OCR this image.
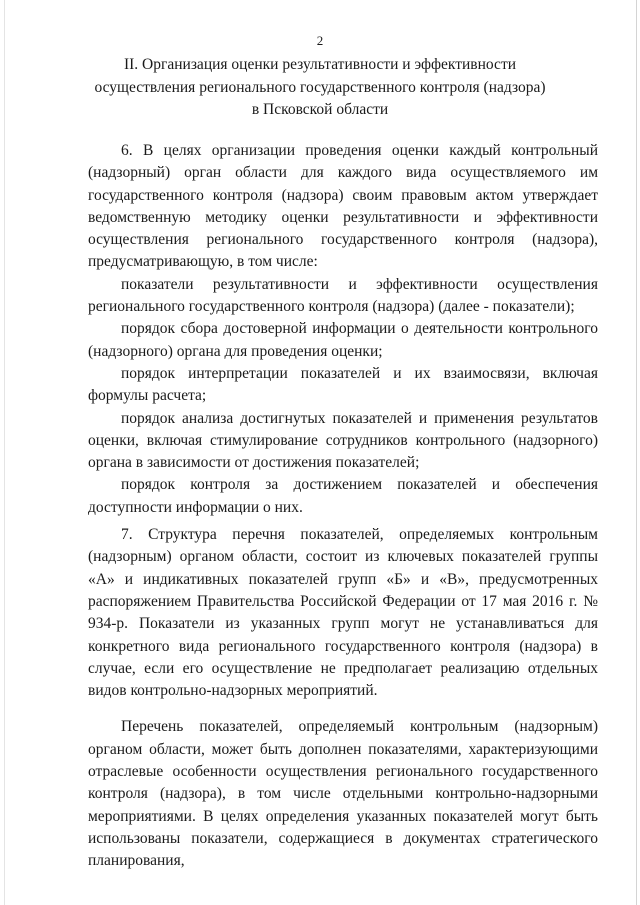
2
II. Организация оценки результативности и эффективности
осуществления регионального государственного контроля (надзора)
в Псковской области

6. В целях организации проведения оценки каждый контрольный (надзорный) орган области для каждого вида осуществляемого им государственного контроля (надзора) своим правовым актом утверждает ведомственную методику оценки результативности и эффективности осуществления регионального государственного контроля (надзора), предусматривающую, в том числе:

показатели результативности и эффективности осуществления регионального государственного контроля (надзора) (далее - показатели);

порядок сбора достоверной информации о деятельности контрольного (надзорного) органа для проведения оценки;

порядок интерпретации показателей и их взаимосвязи, включая формулы расчета;

порядок анализа достигнутых показателей и применения результатов оценки, включая стимулирование сотрудников контрольного (надзорного) органа в зависимости от достижения показателей;

порядок контроля за достижением показателей и обеспечения доступности информации о них.

7. Структура перечня показателей, определяемых контрольным (надзорным) органом области, состоит из ключевых показателей группы «А» и индикативных показателей групп «Б» и «В», предусмотренных распоряжением Правительства Российской Федерации от 17 мая 2016 г. № 934-р. Показатели из указанных групп могут не устанавливаться для конкретного вида регионального государственного контроля (надзора) в случае, если его осуществление не предполагает реализацию отдельных видов контрольно-надзорных мероприятий.

Перечень показателей, определяемый контрольным (надзорным) органом области, может быть дополнен показателями, характеризующими отраслевые особенности осуществления регионального государственного контроля (надзора), в том числе отдельными контрольно-надзорными мероприятиями. В целях определения указанных показателей могут быть использованы показатели, содержащиеся в документах стратегического планирования,
